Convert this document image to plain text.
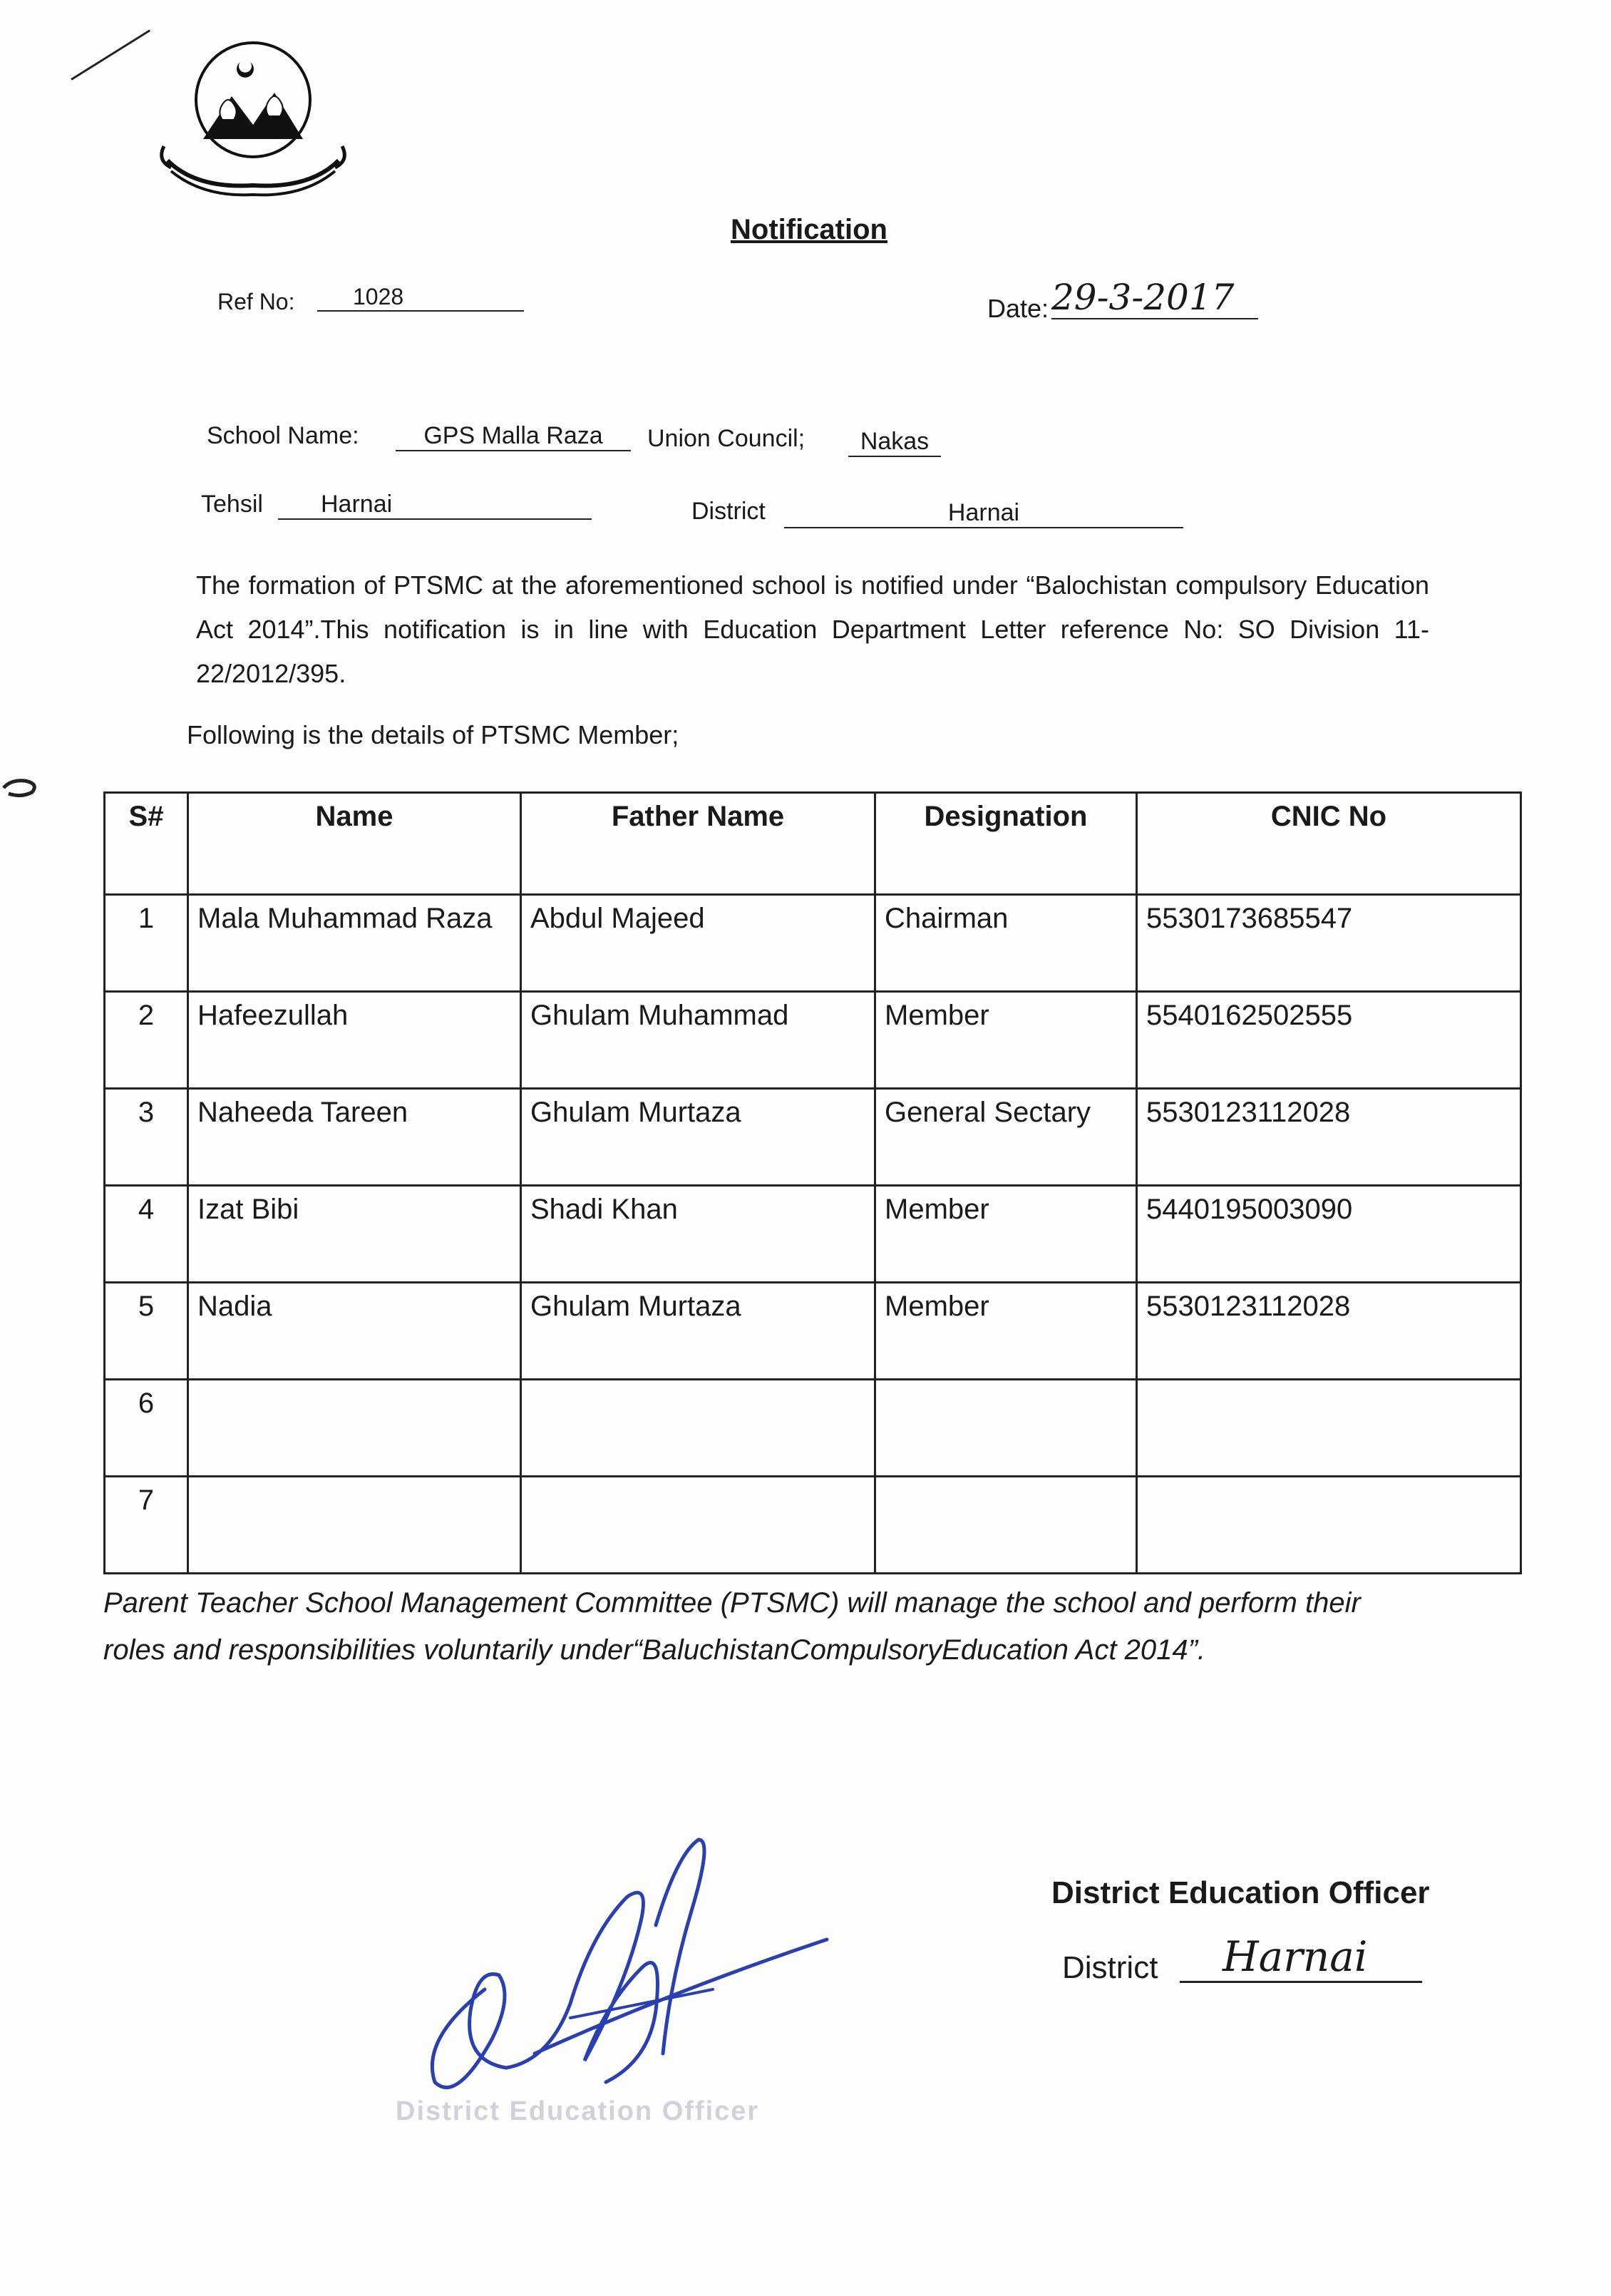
Notification
Ref No:	1028	Date: 29-3-2017
School Name:	GPS Malla Raza	Union Council;	Nakas
Tehsil	Harnai	District	Harnai

The formation of PTSMC at the aforementioned school is notified under “Balochistan compulsory Education Act 2014”.This notification is in line with Education Department Letter reference No: SO Division 11-22/2012/395.

Following is the details of PTSMC Member;
S#	Name	Father Name	Designation	CNIC No
1	Mala Muhammad Raza	Abdul Majeed	Chairman	5530173685547
2	Hafeezullah	Ghulam Muhammad	Member	5540162502555
3	Naheeda Tareen	Ghulam Murtaza	General Sectary	5530123112028
4	Izat Bibi	Shadi Khan	Member	5440195003090
5	Nadia	Ghulam Murtaza	Member	5530123112028
6				
7				

Parent Teacher School Management Committee (PTSMC) will manage the school and perform their roles and responsibilities voluntarily under“BaluchistanCompulsoryEducation Act 2014”.

District Education Officer
District Education Officer
District	Harnai
